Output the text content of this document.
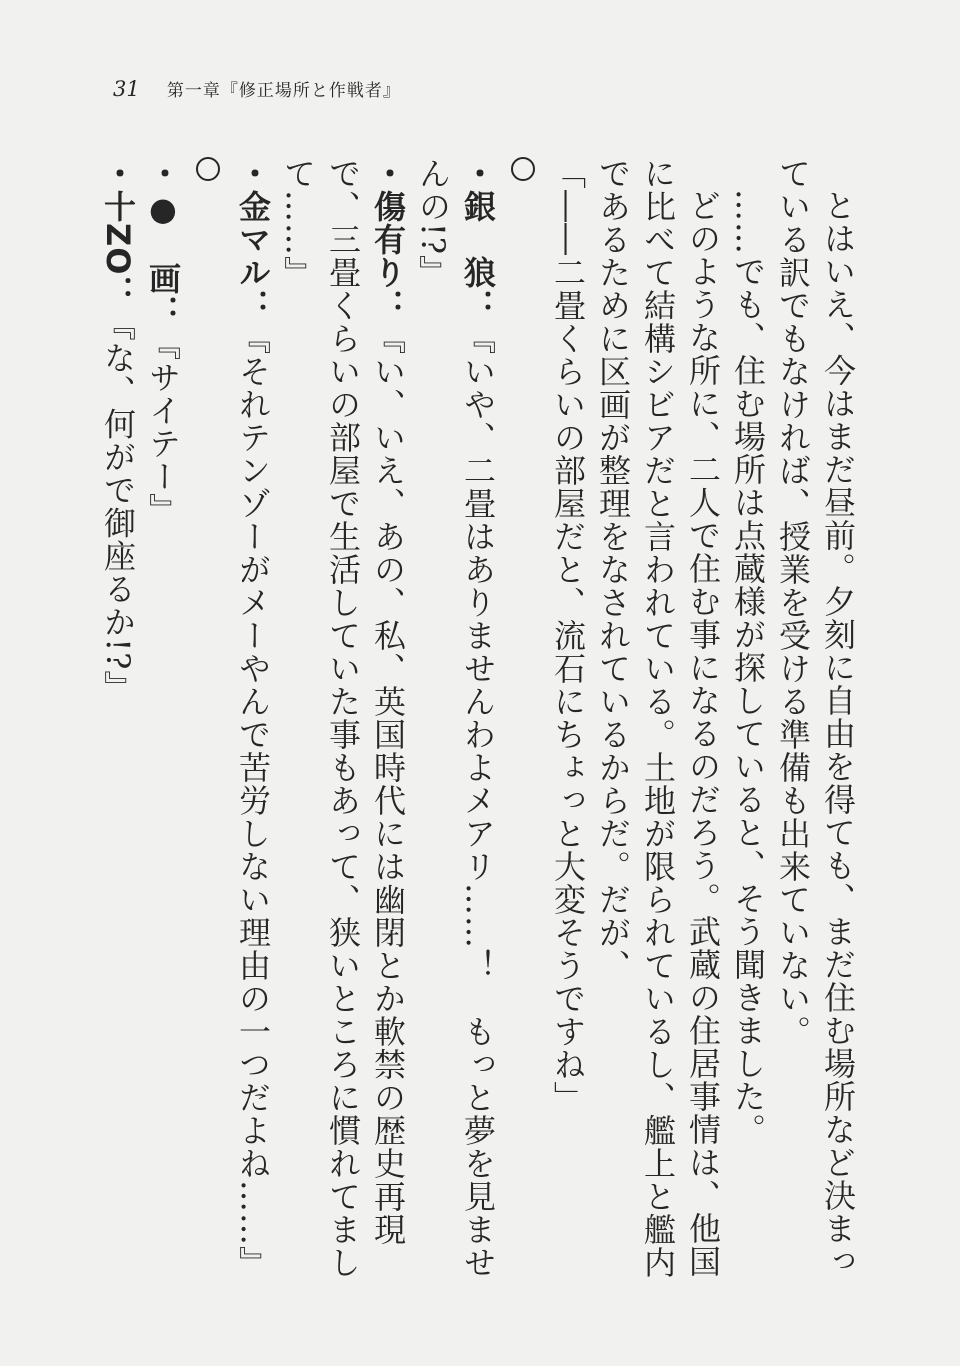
31 第一章『修正場所と作戦者』

とはいえ、今はまだ昼前。夕刻に自由を得ても、まだ住む場所など決まっている訳でもなければ、授業を受ける準備も出来ていない。

……でも、住む場所は点蔵様が探していると、そう聞きました。

どのような所に、二人で住む事になるのだろう。武蔵の住居事情は、他国に比べて結構シビアだと言われている。土地が限られているし、艦上と艦内であるために区画が整理をなされているからだ。だが、

「――二畳くらいの部屋だと、流石にちょっと大変そうですね」

・銀　狼：『いや、二畳はありませんわよメアリ……！　もっと夢を見ませんの!?』

・傷有り：『い、いえ、あの、私、英国時代には幽閉とか軟禁の歴史再現で、三畳くらいの部屋で生活していた事もあって、狭いところに慣れてまして……』

・金マル：『それテンゾーがメーやんで苦労しない理由の一つだよね……』

・●　画：『サイテー』

・十ZO：『な、何がで御座るか!?』
